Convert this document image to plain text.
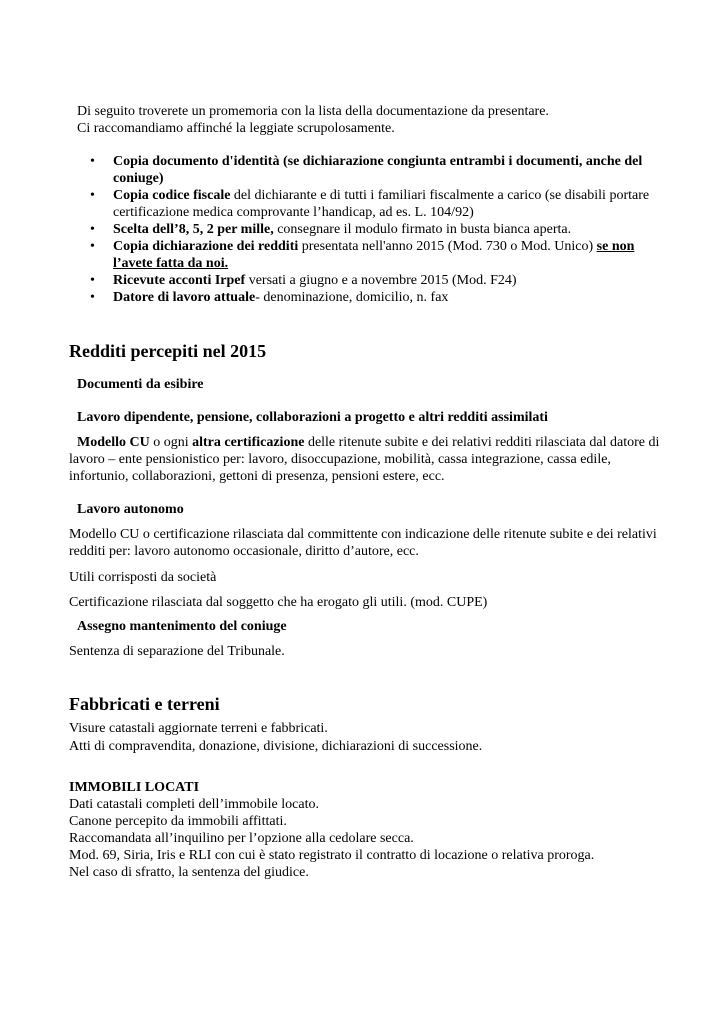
Di seguito troverete un promemoria con la lista della documentazione da presentare.

Ci raccomandiamo affinché la leggiate scrupolosamente.

• Copia documento d'identità (se dichiarazione congiunta entrambi i documenti, anche del coniuge)
• Copia codice fiscale del dichiarante e di tutti i familiari fiscalmente a carico (se disabili portare certificazione medica comprovante l’handicap, ad es. L. 104/92)
• Scelta dell’8, 5, 2 per mille, consegnare il modulo firmato in busta bianca aperta.
• Copia dichiarazione dei redditi presentata nell'anno 2015 (Mod. 730 o Mod. Unico) se non l’avete fatta da noi.
• Ricevute acconti Irpef versati a giugno e a novembre 2015 (Mod. F24)
• Datore di lavoro attuale- denominazione, domicilio, n. fax
Redditi percepiti nel 2015

Documenti da esibire

Lavoro dipendente, pensione, collaborazioni a progetto e altri redditi assimilati

Modello CU o ogni altra certificazione delle ritenute subite e dei relativi redditi rilasciata dal datore di lavoro – ente pensionistico per: lavoro, disoccupazione, mobilità, cassa integrazione, cassa edile, infortunio, collaborazioni, gettoni di presenza, pensioni estere, ecc.

Lavoro autonomo

Modello CU o certificazione rilasciata dal committente con indicazione delle ritenute subite e dei relativi redditi per: lavoro autonomo occasionale, diritto d’autore, ecc.

Utili corrisposti da società

Certificazione rilasciata dal soggetto che ha erogato gli utili. (mod. CUPE)

Assegno mantenimento del coniuge

Sentenza di separazione del Tribunale.

Fabbricati e terreni

Visure catastali aggiornate terreni e fabbricati.

Atti di compravendita, donazione, divisione, dichiarazioni di successione.

IMMOBILI LOCATI

Dati catastali completi dell’immobile locato.

Canone percepito da immobili affittati.

Raccomandata all’inquilino per l’opzione alla cedolare secca.

Mod. 69, Siria, Iris e RLI con cui è stato registrato il contratto di locazione o relativa proroga.

Nel caso di sfratto, la sentenza del giudice.
